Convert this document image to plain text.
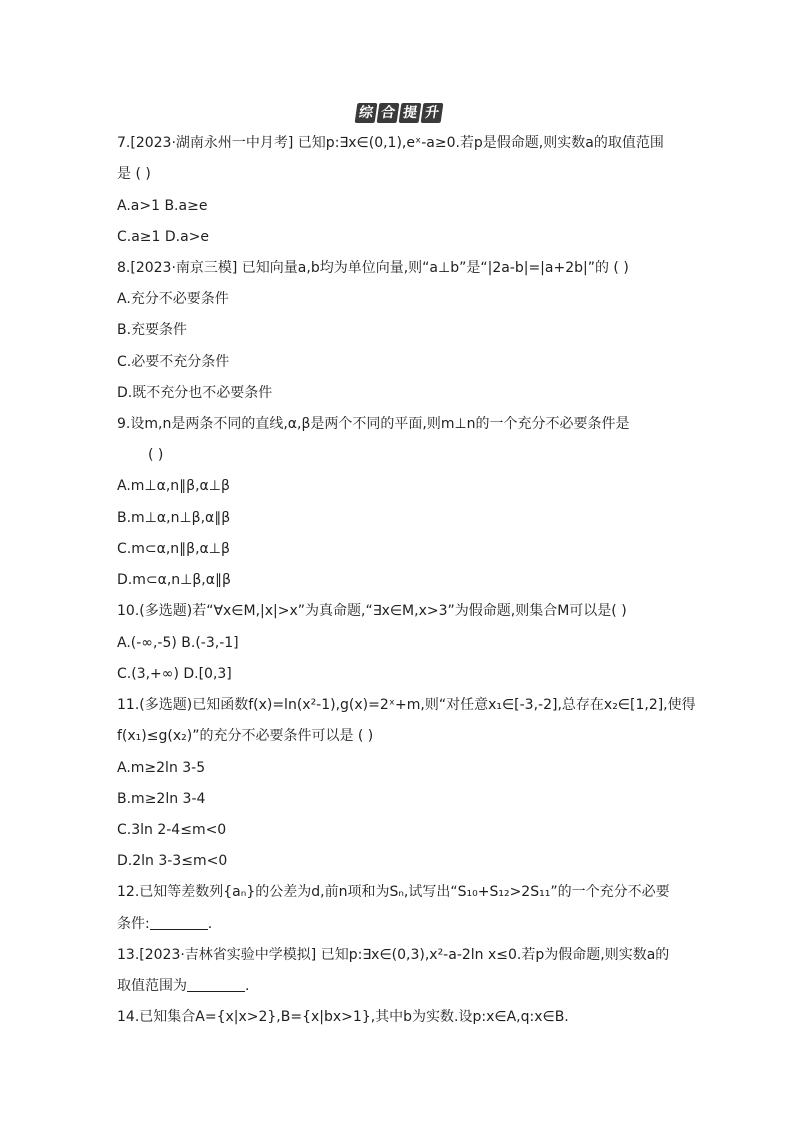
综 合 提 升
7.[2023·湖南永州一中月考] 已知p:∃x∈(0,1),eˣ-a≥0.若p是假命题,则实数a的取值范围
是 ( )
A.a>1 B.a≥e
C.a≥1 D.a>e
8.[2023·南京三模] 已知向量a,b均为单位向量,则“a⊥b”是“|2a-b|=|a+2b|”的 ( )
A.充分不必要条件
B.充要条件
C.必要不充分条件
D.既不充分也不必要条件
9.设m,n是两条不同的直线,α,β是两个不同的平面,则m⊥n的一个充分不必要条件是
( )
A.m⊥α,n∥β,α⊥β
B.m⊥α,n⊥β,α∥β
C.m⊂α,n∥β,α⊥β
D.m⊂α,n⊥β,α∥β
10.(多选题)若“∀x∈M,|x|>x”为真命题,“∃x∈M,x>3”为假命题,则集合M可以是( )
A.(-∞,-5) B.(-3,-1]
C.(3,+∞) D.[0,3]
11.(多选题)已知函数f(x)=ln(x²-1),g(x)=2ˣ+m,则“对任意x₁∈[-3,-2],总存在x₂∈[1,2],使得
f(x₁)≤g(x₂)”的充分不必要条件可以是 ( )
A.m≥2ln 3-5
B.m≥2ln 3-4
C.3ln 2-4≤m<0
D.2ln 3-3≤m<0
12.已知等差数列{aₙ}的公差为d,前n项和为Sₙ,试写出“S₁₀+S₁₂>2S₁₁”的一个充分不必要
条件:	.
13.[2023·吉林省实验中学模拟] 已知p:∃x∈(0,3),x²-a-2ln x≤0.若p为假命题,则实数a的
取值范围为	.
14.已知集合A={x|x>2},B={x|bx>1},其中b为实数.设p:x∈A,q:x∈B.
